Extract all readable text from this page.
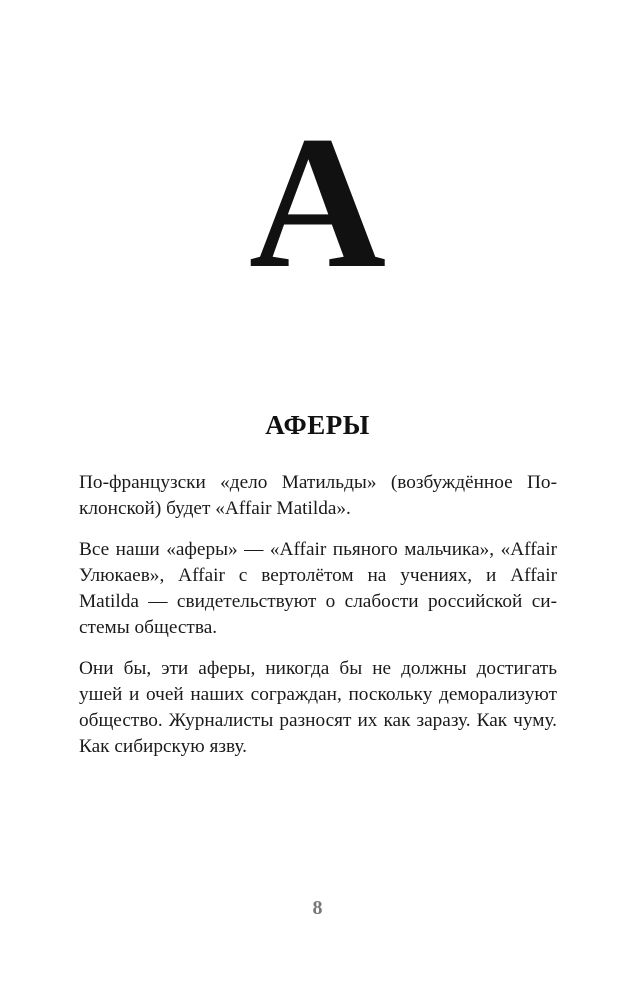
А
АФЕРЫ

По-французски «дело Матильды» (возбуждённое По-
клонской) будет «Affair Matilda».

Все наши «аферы» — «Affair пьяного мальчика», «Affair
Улюкаев», Affair с вертолётом на учениях, и Affair
Matilda — свидетельствуют о слабости российской си-
стемы общества.

Они бы, эти аферы, никогда бы не должны достигать
ушей и очей наших сограждан, поскольку деморализуют
общество. Журналисты разносят их как заразу. Как чуму.
Как сибирскую язву.

8
